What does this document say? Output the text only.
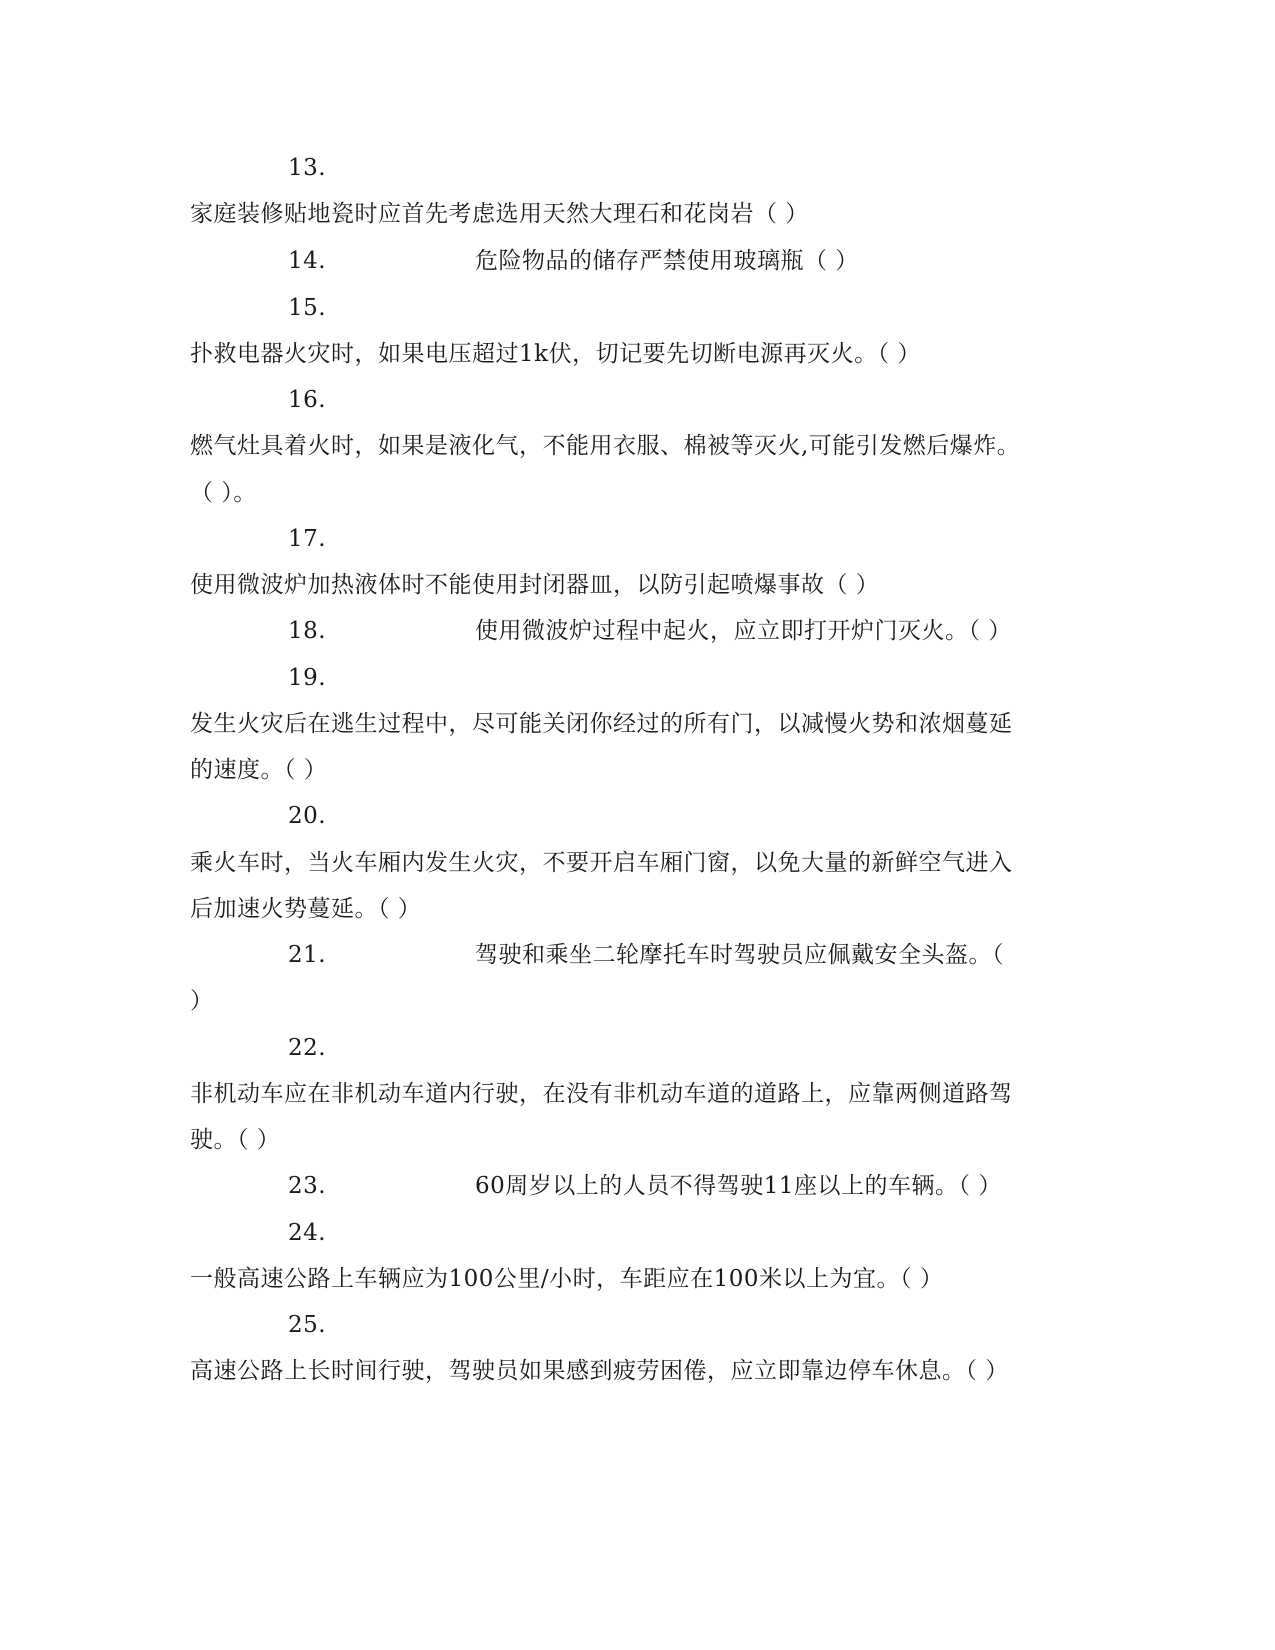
13.
家庭装修贴地瓷时应首先考虑选用天然大理石和花岗岩（ ）
14.	危险物品的储存严禁使用玻璃瓶（ ）
15.
扑救电器火灾时，如果电压超过1k伏，切记要先切断电源再灭火。（ ）
16.
燃气灶具着火时，如果是液化气，不能用衣服、棉被等灭火,可能引发燃后爆炸。
（ ）。
17.
使用微波炉加热液体时不能使用封闭器皿，以防引起喷爆事故（ ）
18.	使用微波炉过程中起火，应立即打开炉门灭火。（ ）
19.
发生火灾后在逃生过程中，尽可能关闭你经过的所有门，以减慢火势和浓烟蔓延
的速度。（ ）
20.
乘火车时，当火车厢内发生火灾，不要开启车厢门窗，以免大量的新鲜空气进入
后加速火势蔓延。（ ）
21.	驾驶和乘坐二轮摩托车时驾驶员应佩戴安全头盔。（
）
22.
非机动车应在非机动车道内行驶，在没有非机动车道的道路上，应靠两侧道路驾
驶。（ ）
23.	60周岁以上的人员不得驾驶11座以上的车辆。（ ）
24.
一般高速公路上车辆应为100公里/小时，车距应在100米以上为宜。（ ）
25.
高速公路上长时间行驶，驾驶员如果感到疲劳困倦，应立即靠边停车休息。（ ）
